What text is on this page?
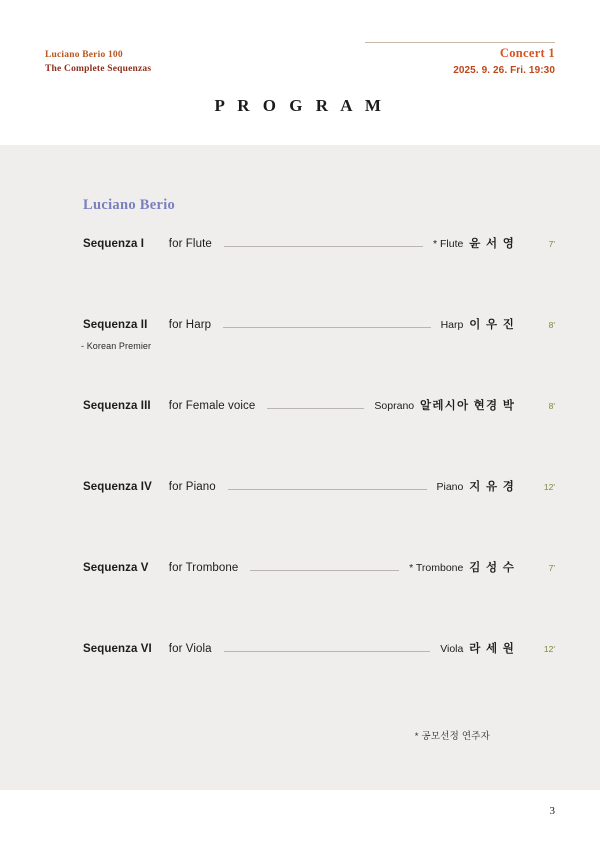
Luciano Berio 100
The Complete Sequenzas
Concert 1
2025. 9. 26. Fri. 19:30
P R O G R A M
Luciano Berio
Sequenza I	for Flute	* Flute 윤 서 영	7'
Sequenza II	for Harp	Harp 이 우 진	8'
- Korean Premier
Sequenza III	for Female voice	Soprano 알레시아 현경 박	8'
Sequenza IV	for Piano	Piano 지 유 경	12'
Sequenza V	for Trombone	* Trombone 김 성 수	7'
Sequenza VI	for Viola	Viola 라 세 원	12'
* 공모선정 연주자
3
